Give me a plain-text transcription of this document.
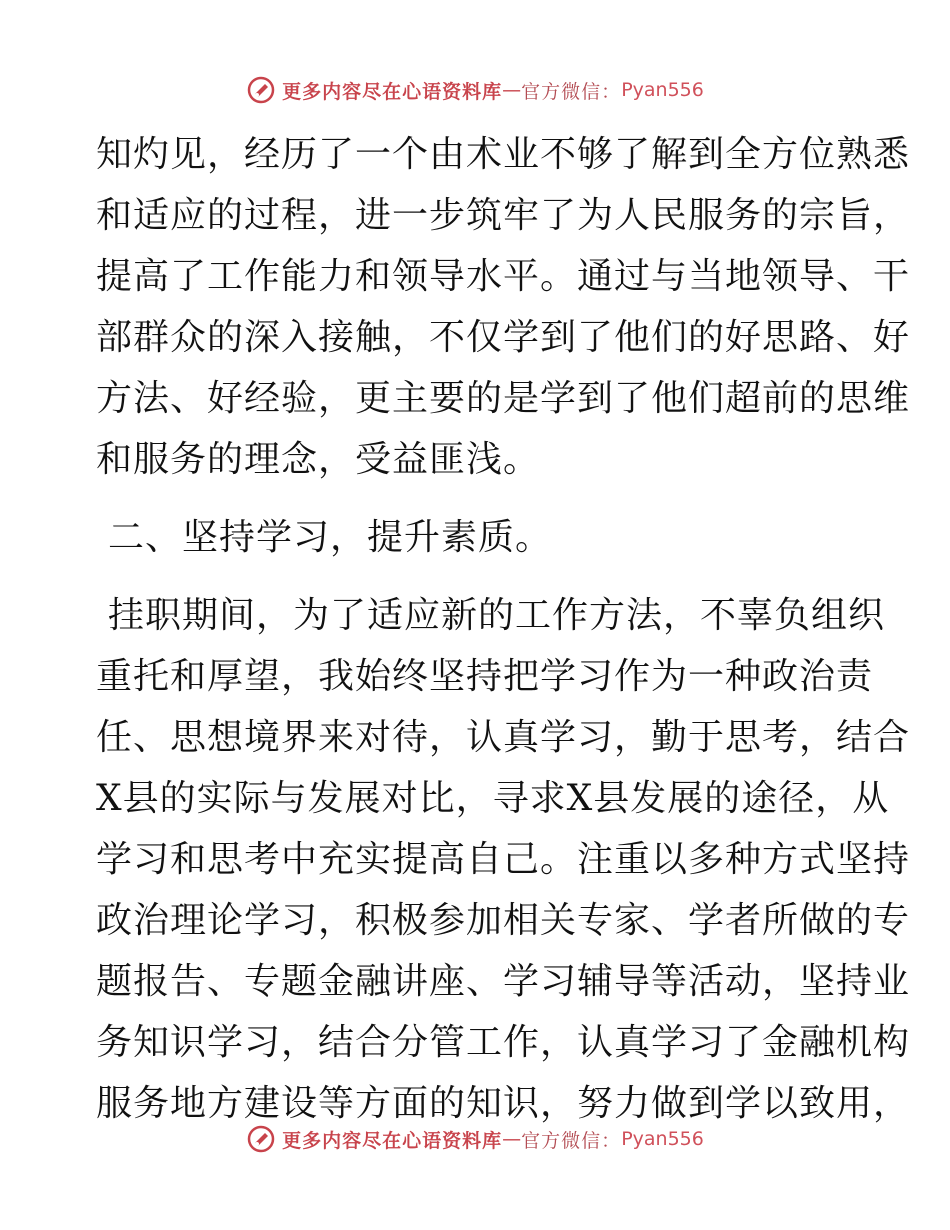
更多内容尽在心语资料库 — 官方微信： Pyan556
知灼见，经历了一个由术业不够了解到全方位熟悉
和适应的过程，进一步筑牢了为人民服务的宗旨，
提高了工作能力和领导水平。通过与当地领导、干
部群众的深入接触，不仅学到了他们的好思路、好
方法、好经验，更主要的是学到了他们超前的思维
和服务的理念，受益匪浅。
二、坚持学习，提升素质。
挂职期间，为了适应新的工作方法，不辜负组织
重托和厚望，我始终坚持把学习作为一种政治责
任、思想境界来对待，认真学习，勤于思考，结合
X县的实际与发展对比，寻求X县发展的途径，从
学习和思考中充实提高自己。注重以多种方式坚持
政治理论学习，积极参加相关专家、学者所做的专
题报告、专题金融讲座、学习辅导等活动，坚持业
务知识学习，结合分管工作，认真学习了金融机构
服务地方建设等方面的知识，努力做到学以致用，
更多内容尽在心语资料库 — 官方微信： Pyan556
